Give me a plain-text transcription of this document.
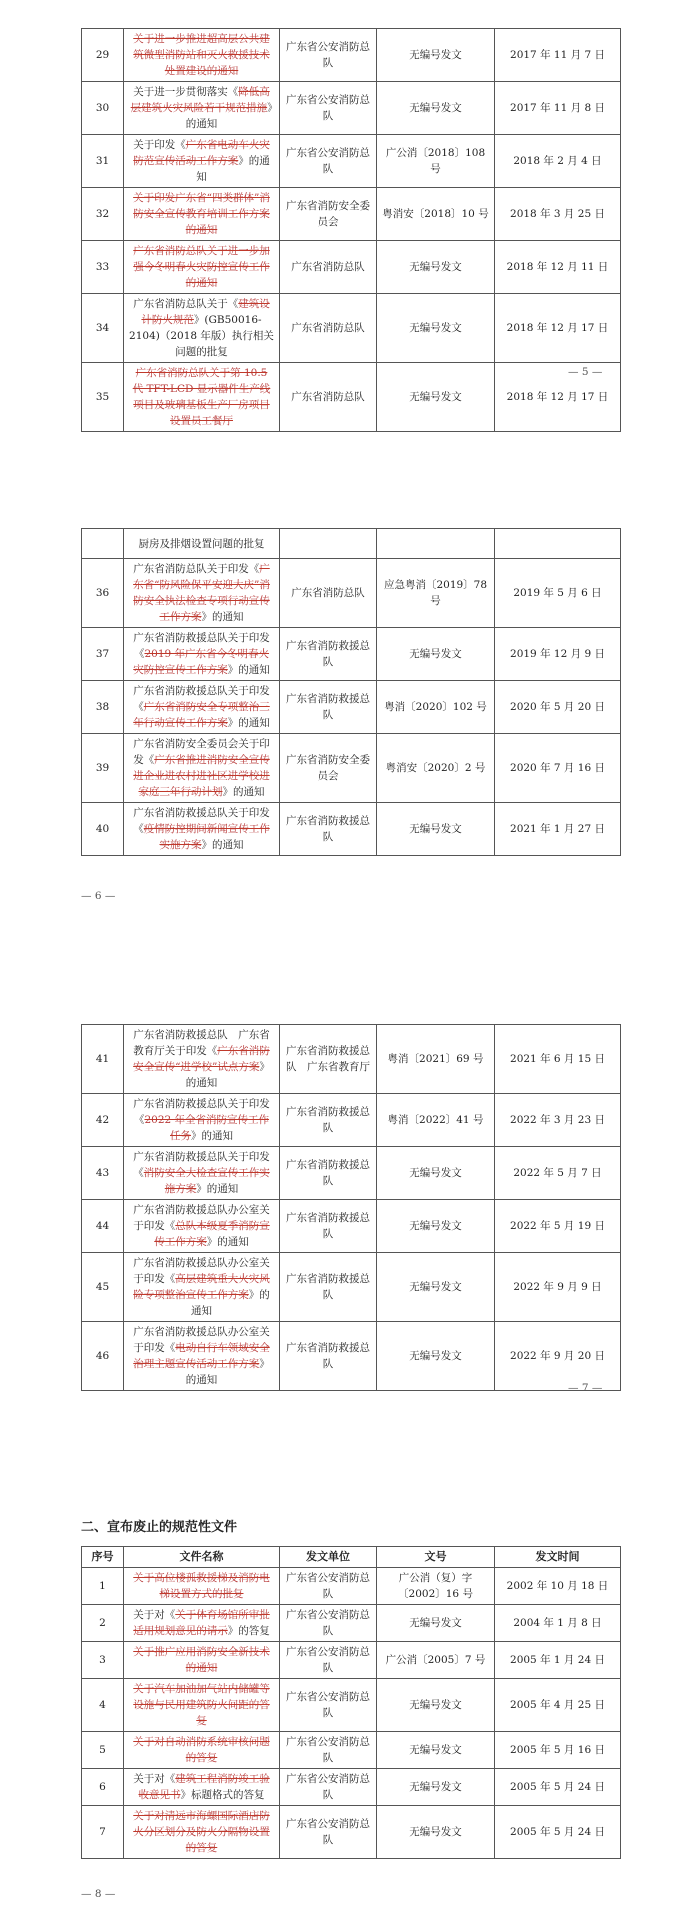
29	关于进一步推进超高层公共建筑微型消防站和灭火救援技术处置建设的通知	广东省公安消防总队	无编号发文	2017 年 11 月 7 日
30	关于进一步贯彻落实《降低高层建筑火灾风险若干规范措施》的通知	广东省公安消防总队	无编号发文	2017 年 11 月 8 日
31	关于印发《广东省电动车火灾防范宣传活动工作方案》的通知	广东省公安消防总队	广公消〔2018〕108 号	2018 年 2 月 4 日
32	关于印发广东省“四类群体”消防安全宣传教育培训工作方案的通知	广东省消防安全委员会	粤消安〔2018〕10 号	2018 年 3 月 25 日
33	广东省消防总队关于进一步加强今冬明春火灾防控宣传工作的通知	广东省消防总队	无编号发文	2018 年 12 月 11 日
34	广东省消防总队关于《建筑设计防火规范》(GB50016-2104)（2018 年版）执行相关问题的批复	广东省消防总队	无编号发文	2018 年 12 月 17 日
35	广东省消防总队关于第 10.5 代 TFT-LCD 显示器件生产线项目及玻璃基板生产厂房项目设置员工餐厅	广东省消防总队	无编号发文	2018 年 12 月 17 日
— 5 —
	厨房及排烟设置问题的批复			
36	广东省消防总队关于印发《广东省“防风险保平安迎大庆”消防安全执法检查专项行动宣传工作方案》的通知	广东省消防总队	应急粤消〔2019〕78 号	2019 年 5 月 6 日
37	广东省消防救援总队关于印发《2019 年广东省今冬明春火灾防控宣传工作方案》的通知	广东省消防救援总队	无编号发文	2019 年 12 月 9 日
38	广东省消防救援总队关于印发《广东省消防安全专项整治三年行动宣传工作方案》的通知	广东省消防救援总队	粤消〔2020〕102 号	2020 年 5 月 20 日
39	广东省消防安全委员会关于印发《广东省推进消防安全宣传进企业进农村进社区进学校进家庭三年行动计划》的通知	广东省消防安全委员会	粤消安〔2020〕2 号	2020 年 7 月 16 日
40	广东省消防救援总队关于印发《疫情防控期间新闻宣传工作实施方案》的通知	广东省消防救援总队	无编号发文	2021 年 1 月 27 日
— 6 —
41	广东省消防救援总队　广东省教育厅关于印发《广东省消防安全宣传“进学校”试点方案》的通知	广东省消防救援总队　广东省教育厅	粤消〔2021〕69 号	2021 年 6 月 15 日
42	广东省消防救援总队关于印发《2022 年全省消防宣传工作任务》的通知	广东省消防救援总队	粤消〔2022〕41 号	2022 年 3 月 23 日
43	广东省消防救援总队关于印发《消防安全大检查宣传工作实施方案》的通知	广东省消防救援总队	无编号发文	2022 年 5 月 7 日
44	广东省消防救援总队办公室关于印发《总队本级夏季消防宣传工作方案》的通知	广东省消防救援总队	无编号发文	2022 年 5 月 19 日
45	广东省消防救援总队办公室关于印发《高层建筑重大火灾风险专项整治宣传工作方案》的通知	广东省消防救援总队	无编号发文	2022 年 9 月 9 日
46	广东省消防救援总队办公室关于印发《电动自行车领域安全治理主题宣传活动工作方案》的通知	广东省消防救援总队	无编号发文	2022 年 9 月 20 日
— 7 —
二、宣布废止的规范性文件
序号	文件名称	发文单位	文号	发文时间
1	关于高位楼孤救援梯及消防电梯设置方式的批复	广东省公安消防总队	广公消（复）字〔2002〕16 号	2002 年 10 月 18 日
2	关于对《关于体育场馆所审批适用规划意见的请示》的答复	广东省公安消防总队	无编号发文	2004 年 1 月 8 日
3	关于推广应用消防安全新技术的通知	广东省公安消防总队	广公消〔2005〕7 号	2005 年 1 月 24 日
4	关于汽车加油加气站内储罐等设施与民用建筑防火间距的答复	广东省公安消防总队	无编号发文	2005 年 4 月 25 日
5	关于对自动消防系统审核问题的答复	广东省公安消防总队	无编号发文	2005 年 5 月 16 日
6	关于对《建筑工程消防竣工验收意见书》标题格式的答复	广东省公安消防总队	无编号发文	2005 年 5 月 24 日
7	关于对清远市海螺国际酒店防火分区划分及防火分隔物设置的答复	广东省公安消防总队	无编号发文	2005 年 5 月 24 日
— 8 —
